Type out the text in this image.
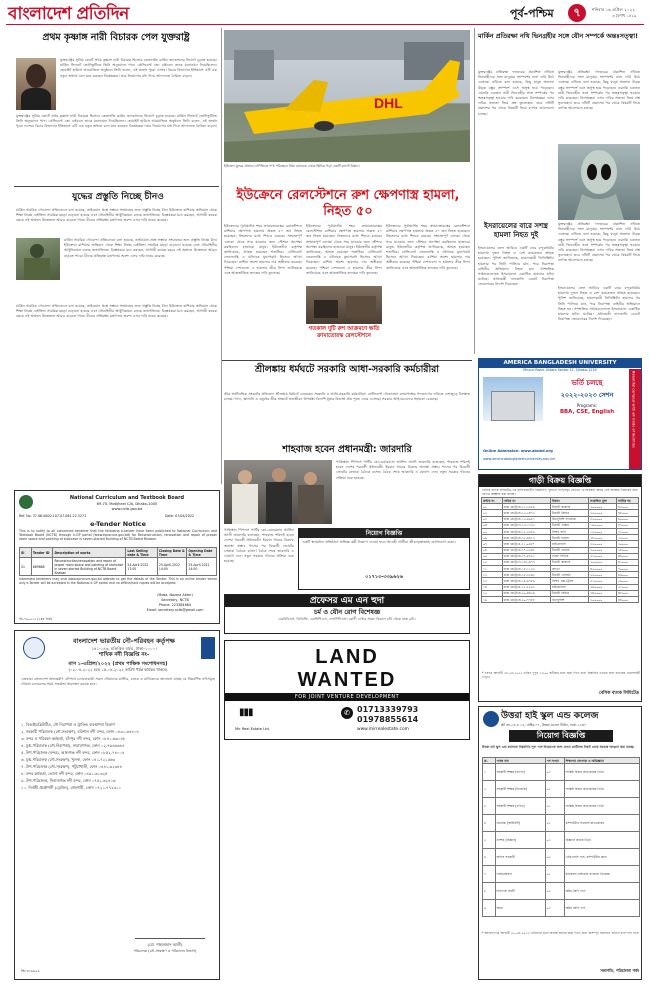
বাংলাদেশ প্রতিদিন	পূর্ব-পশ্চিম	৭	শনিবার ১৬ এপ্রিল ২০২২
৩ বৈশাখ ১৪২৯
প্রথম কৃষ্ণাঙ্গ নারী বিচারক পেল যুক্তরাষ্ট্র
যুক্তরাষ্ট্রের সুপ্রিম কোর্টে প্রথম কৃষ্ণাঙ্গ নারী বিচারক হিসেবে কেতানজি ব্রাউন জ্যাকসনের নিয়োগ চূড়ান্ত হয়েছে। মার্কিন সিনেটে ভোটাভুটিতে তিনি অনুমোদন পান। প্রেসিডেন্ট জো বাইডেন তাকে মনোনয়ন দিয়েছিলেন। হোয়াইট হাউসে আয়োজিত অনুষ্ঠানে তিনি বলেন, এই অর্জন পুরো দেশের। বিচার বিভাগের ইতিহাসে এটি এক নতুন অধ্যায় বলে মনে করছেন বিশ্লেষকরা। তার নিয়োগের মধ্য দিয়ে আদালতে বৈচিত্র্য বাড়ল।
যুক্তরাষ্ট্রের সুপ্রিম কোর্টে প্রথম কৃষ্ণাঙ্গ নারী বিচারক হিসেবে কেতানজি ব্রাউন জ্যাকসনের নিয়োগ চূড়ান্ত হয়েছে। মার্কিন সিনেটে ভোটাভুটিতে তিনি অনুমোদন পান। প্রেসিডেন্ট জো বাইডেন তাকে মনোনয়ন দিয়েছিলেন। হোয়াইট হাউসে আয়োজিত অনুষ্ঠানে তিনি বলেন, এই অর্জন পুরো দেশের। বিচার বিভাগের ইতিহাসে এটি এক নতুন অধ্যায় বলে মনে করছেন বিশ্লেষকরা। তার নিয়োগের মধ্য দিয়ে আদালতে বৈচিত্র্য বাড়ল।
যুদ্ধের প্রস্তুতি নিচ্ছে চীনও
মার্কিন সামরিক গোয়েন্দা প্রতিবেদনে বলা হয়েছে, তাইওয়ান প্রশ্নে সম্ভাব্য সংঘাতের জন্য প্রস্তুতি নিচ্ছে চীন। ইউক্রেনে রাশিয়ার অভিযান থেকে শিক্ষা নিচ্ছে বেইজিং। সামরিক মহড়া বাড়ানো হয়েছে এবং নৌবাহিনীর আধুনিকায়ন চলছে দ্রুতগতিতে। বিশ্লেষকরা মনে করছেন, আগামী কয়েক বছরে এই অঞ্চলে উত্তেজনা আরও বাড়তে পারে। চীনের প্রতিরক্ষা মন্ত্রণালয় অবশ্য এসব দাবি নাকচ করেছে।
মার্কিন সামরিক গোয়েন্দা প্রতিবেদনে বলা হয়েছে, তাইওয়ান প্রশ্নে সম্ভাব্য সংঘাতের জন্য প্রস্তুতি নিচ্ছে চীন। ইউক্রেনে রাশিয়ার অভিযান থেকে শিক্ষা নিচ্ছে বেইজিং। সামরিক মহড়া বাড়ানো হয়েছে এবং নৌবাহিনীর আধুনিকায়ন চলছে দ্রুতগতিতে। বিশ্লেষকরা মনে করছেন, আগামী কয়েক বছরে এই অঞ্চলে উত্তেজনা আরও বাড়তে পারে। চীনের প্রতিরক্ষা মন্ত্রণালয় অবশ্য এসব দাবি নাকচ করেছে।
মার্কিন সামরিক গোয়েন্দা প্রতিবেদনে বলা হয়েছে, তাইওয়ান প্রশ্নে সম্ভাব্য সংঘাতের জন্য প্রস্তুতি নিচ্ছে চীন। ইউক্রেনে রাশিয়ার অভিযান থেকে শিক্ষা নিচ্ছে বেইজিং। সামরিক মহড়া বাড়ানো হয়েছে এবং নৌবাহিনীর আধুনিকায়ন চলছে দ্রুতগতিতে। বিশ্লেষকরা মনে করছেন, আগামী কয়েক বছরে এই অঞ্চলে উত্তেজনা আরও বাড়তে পারে। চীনের প্রতিরক্ষা মন্ত্রণালয় অবশ্য এসব দাবি নাকচ করেছে।
DHL
ইউক্রেন যুদ্ধের প্রভাবে বাণিজ্যিক পণ্য পরিবহনে বিঘ্ন। রানওয়ে থেকে ছিটকে পড়া একটি কার্গো বিমান।
মার্কিন প্রতিরক্ষা নথি ভিনগ্রহীর সঙ্গে যৌন সম্পর্কে অন্তঃসত্ত্বা!
যুক্তরাষ্ট্রের প্রতিরক্ষা দফতরের প্রকাশিত নথিতে ভিনগ্রহীদের সঙ্গে মানুষের সংস্পর্শের নানা দাবি উঠে এসেছে। নথিতে বলা হয়েছে, কিছু মানুষ অজানা উড়ন্ত বস্তুর সংস্পর্শে এসে অসুস্থ হয়ে পড়েছেন। এমনকি একজন নারী ভিনগ্রহীর সঙ্গে সম্পর্কের পর অন্তঃসত্ত্বা হওয়ার দাবি করেছেন। বিশেষজ্ঞরা এসব দাবির সত্যতা নিয়ে প্রশ্ন তুলেছেন। তবে নথিটি প্রকাশের পর থেকে বিষয়টি নিয়ে ব্যাপক আলোচনা চলছে।
যুক্তরাষ্ট্রের প্রতিরক্ষা দফতরের প্রকাশিত নথিতে ভিনগ্রহীদের সঙ্গে মানুষের সংস্পর্শের নানা দাবি উঠে এসেছে। নথিতে বলা হয়েছে, কিছু মানুষ অজানা উড়ন্ত বস্তুর সংস্পর্শে এসে অসুস্থ হয়ে পড়েছেন। এমনকি একজন নারী ভিনগ্রহীর সঙ্গে সম্পর্কের পর অন্তঃসত্ত্বা হওয়ার দাবি করেছেন। বিশেষজ্ঞরা এসব দাবির সত্যতা নিয়ে প্রশ্ন তুলেছেন। তবে নথিটি প্রকাশের পর থেকে বিষয়টি নিয়ে ব্যাপক আলোচনা চলছে।
যুক্তরাষ্ট্রের প্রতিরক্ষা দফতরের প্রকাশিত নথিতে ভিনগ্রহীদের সঙ্গে মানুষের সংস্পর্শের নানা দাবি উঠে এসেছে। নথিতে বলা হয়েছে, কিছু মানুষ অজানা উড়ন্ত বস্তুর সংস্পর্শে এসে অসুস্থ হয়ে পড়েছেন। এমনকি একজন নারী ভিনগ্রহীর সঙ্গে সম্পর্কের পর অন্তঃসত্ত্বা হওয়ার দাবি করেছেন। বিশেষজ্ঞরা এসব দাবির সত্যতা নিয়ে প্রশ্ন তুলেছেন। তবে নথিটি প্রকাশের পর থেকে বিষয়টি নিয়ে ব্যাপক আলোচনা চলছে।
ইসরায়েলের বারে সশস্ত্র হামলা নিহত দুই
ইসরায়েলের তেল আবিবে একটি বারে বন্দুকধারীর হামলায় দুজন নিহত ও বেশ কয়েকজন আহত হয়েছেন। পুলিশ জানিয়েছে, হামলাকারী ফিলিস্তিনি। হামলার পর তিনি পালিয়ে যান, পরে নিরাপত্তা বাহিনীর অভিযানে নিহত হন। সাম্প্রতিক সপ্তাহগুলোতে ইসরায়েলে একাধিক হামলার ঘটনা ঘটেছে। প্রধানমন্ত্রী নাফতালি বেনেট নিরাপত্তা জোরদারের নির্দেশ দিয়েছেন।
ইসরায়েলের তেল আবিবে একটি বারে বন্দুকধারীর হামলায় দুজন নিহত ও বেশ কয়েকজন আহত হয়েছেন। পুলিশ জানিয়েছে, হামলাকারী ফিলিস্তিনি। হামলার পর তিনি পালিয়ে যান, পরে নিরাপত্তা বাহিনীর অভিযানে নিহত হন। সাম্প্রতিক সপ্তাহগুলোতে ইসরায়েলে একাধিক হামলার ঘটনা ঘটেছে। প্রধানমন্ত্রী নাফতালি বেনেট নিরাপত্তা জোরদারের নির্দেশ দিয়েছেন।
ইউক্রেনে রেলস্টেশনে রুশ ক্ষেপণাস্ত্র হামলা, নিহত ৫০
ইউক্রেনের পূর্বাঞ্চলীয় শহর ক্রামাতোরস্কের রেলস্টেশনে রাশিয়ার ক্ষেপণাস্ত্র হামলায় অন্তত ৫০ জন নিহত হয়েছেন। নিহতদের মধ্যে শিশুও রয়েছে। সংঘাতপূর্ণ এলাকা থেকে সরে যাওয়ার জন্য স্টেশনে অপেক্ষা করছিলেন হাজারো মানুষ। ইউক্রেনীয় কর্তৃপক্ষ জানিয়েছে, আহত হয়েছেন শতাধিক। প্রেসিডেন্ট জেলেনস্কি এ ঘটনাকে যুদ্ধাপরাধ হিসেবে আখ্যা দিয়েছেন। রাশিয়া অবশ্য হামলার দায় অস্বীকার করেছে। পশ্চিমা দেশগুলো এ হামলার তীব্র নিন্দা জানিয়েছে এবং আন্তর্জাতিক তদন্তের দাবি তুলেছে।
ইউক্রেনের পূর্বাঞ্চলীয় শহর ক্রামাতোরস্কের রেলস্টেশনে রাশিয়ার ক্ষেপণাস্ত্র হামলায় অন্তত ৫০ জন নিহত হয়েছেন। নিহতদের মধ্যে শিশুও রয়েছে। সংঘাতপূর্ণ এলাকা থেকে সরে যাওয়ার জন্য স্টেশনে অপেক্ষা করছিলেন হাজারো মানুষ। ইউক্রেনীয় কর্তৃপক্ষ জানিয়েছে, আহত হয়েছেন শতাধিক। প্রেসিডেন্ট জেলেনস্কি এ ঘটনাকে যুদ্ধাপরাধ হিসেবে আখ্যা দিয়েছেন। রাশিয়া অবশ্য হামলার দায় অস্বীকার করেছে। পশ্চিমা দেশগুলো এ হামলার তীব্র নিন্দা জানিয়েছে এবং আন্তর্জাতিক তদন্তের দাবি তুলেছে।
গতকাল দুটি রুশ আক্রমণে ক্ষতি ক্রামাতোরস্ক রেলস্টেশনে
ইউক্রেনের পূর্বাঞ্চলীয় শহর ক্রামাতোরস্কের রেলস্টেশনে রাশিয়ার ক্ষেপণাস্ত্র হামলায় অন্তত ৫০ জন নিহত হয়েছেন। নিহতদের মধ্যে শিশুও রয়েছে। সংঘাতপূর্ণ এলাকা থেকে সরে যাওয়ার জন্য স্টেশনে অপেক্ষা করছিলেন হাজারো মানুষ। ইউক্রেনীয় কর্তৃপক্ষ জানিয়েছে, আহত হয়েছেন শতাধিক। প্রেসিডেন্ট জেলেনস্কি এ ঘটনাকে যুদ্ধাপরাধ হিসেবে আখ্যা দিয়েছেন। রাশিয়া অবশ্য হামলার দায় অস্বীকার করেছে। পশ্চিমা দেশগুলো এ হামলার তীব্র নিন্দা জানিয়েছে এবং আন্তর্জাতিক তদন্তের দাবি তুলেছে।
শ্রীলঙ্কায় ধর্মঘটে সরকারি আধা-সরকারি কর্মচারীরা
তীব্র অর্থনৈতিক সংকটের প্রতিবাদে শ্রীলঙ্কায় ধর্মঘটে নেমেছেন সরকারি ও আধা-সরকারি কর্মচারীরা। প্রেসিডেন্ট গোতাবায়া রাজাপক্ষের পদত্যাগের দাবিতে দেশজুড়ে বিক্ষোভ চলছে। খাদ্য, জ্বালানি ও ওষুধের তীব্র সংকটে জনজীবন বিপর্যস্ত। বিদেশি মুদ্রার রিজার্ভ প্রায় শূন্যে নেমে এসেছে। সরকার আইএমএফের সহায়তা চেয়েছে।
শাহবাজ হবেন প্রধানমন্ত্রী: জারদারি
পাকিস্তান পিপলস পার্টির কো-চেয়ারম্যান আসিফ আলী জারদারি বলেছেন, শাহবাজ শরিফই হবেন দেশের পরবর্তী প্রধানমন্ত্রী। ইমরান খানের বিরুদ্ধে অনাস্থা প্রস্তাব পাসের পর বিরোধী জোটের নেতারা বৈঠকে বসেন। বৈঠক শেষে জারদারি এ ঘোষণা দেন। নতুন সরকার গঠনের প্রক্রিয়া শুরু হয়েছে।
পাকিস্তান পিপলস পার্টির কো-চেয়ারম্যান আসিফ আলী জারদারি বলেছেন, শাহবাজ শরিফই হবেন দেশের পরবর্তী প্রধানমন্ত্রী। ইমরান খানের বিরুদ্ধে অনাস্থা প্রস্তাব পাসের পর বিরোধী জোটের নেতারা বৈঠকে বসেন। বৈঠক শেষে জারদারি এ ঘোষণা দেন। নতুন সরকার গঠনের প্রক্রিয়া শুরু হয়েছে।
নিয়োগ বিজ্ঞপ্তি
একটি স্বনামধন্য প্রতিষ্ঠানে অভিজ্ঞ কর্মী নিয়োগ দেওয়া হবে। আগ্রহী প্রার্থীরা জীবনবৃত্তান্তসহ যোগাযোগ করুন।
০১৭১৩-৩৩৯৬২৬
প্রফেসর এম এন হুদা
চর্ম ও যৌন রোগ বিশেষজ্ঞ
এমবিবিএস, ডিডিভি, এমসিপিএস, এফসিপিএস। রোগী দেখার সময়: বিকাল ৪টা থেকে রাত ৯টা।
LAND
WANTED
FOR JOINT VENTURE DEVELOPMENT
▮▮▮
Mir Real Estate Ltd.
✆ 01713339793
01978855614
www.mirrealestate.com
National Curriculum and Textbook Board
69-70, Motijheel C/A, Dhaka-1000
www.nctb.gov.bd
Ref. No. 37.06.0000.107.07.061.22.3271	Date: 07/04/2022
e-Tender Notice
This is to notify to all concerned tenderer that the following e-tender have been published to National Curriculum and Textbook Board (NCTB) through e-GP portal (www.eprocure.gov.bd) for Reconstruction, renovation and repair of proper room space and painting of staircase in seven-storied Building of NCTB Board Bhaban.
SI	Tender ID	Description of works	Last Selling date & Time	Closing Date & Time	Opening Date & Time
01	689888	Reconstruction/renovation and repair of proper room space and painting of staircase in seven-storied Building of NCTB Board Bhaban	24-April-2022 17:00	25-April-2022 14:00	25-April-2022 14:00
Interested tenderers may visit www.eprocure.gov.bd website to get the details of the Tender. This is an online tender where only e-Tender will be accepted in the National e-GP portal and no offline/hard copies will be accepted.
(Mosa. Nazma Akter)
Secretary, NCTB
Phone: 223384664
Email: secretary.nctb@gmail.com
জি-৭৯০৫১৫ (২x৪ ইঞ্চি)
বাংলাদেশ ভারতীয় নৌ-পরিবহন কর্তৃপক্ষ
১৪১-১৪৩, মতিঝিল বা/এ, ঢাকা-১০০০।
শাখিক নদী বিজ্ঞপ্তি নং-
মাস ১-এপ্রিল/২০২২ (প্রথম পাক্ষিক সংশোধনসহ)
(০২-০৪-২০২২ হতে ১৫-০৪-২০২২ তারিখ পর্যন্ত কার্যকর থাকবে)
এতদ্বারা বাংলাদেশ অভ্যন্তরীণ নৌপথে চলাচলকারী সকল নৌযানের মাস্টার, চালক ও মালিকদের জানানো যাচ্ছে যে নিম্নবর্ণিত নদীসমূহে নৌযান চলাচলের সময় সতর্কতা অবলম্বন করতে হবে।
১. বিআইডব্লিউটিএ, নৌ নিরাপত্তা ও ট্রাফিক ব্যবস্থাপনা বিভাগ
২. সহকারী পরিচালক (নৌ-সংরক্ষণ), বরিশাল নদী বন্দর, ফোন ০৪৩১-৬৪৪০৪
৩. বন্দর ও পরিবহন কর্মকর্তা, চাঁদপুর নদী বন্দর, ফোন ০৮৪১-৬৩০৪৮
৪. যুগ্ম-পরিচালক (নৌ-নিরাপত্তা), নারায়ণগঞ্জ, ফোন ০২-৭৬৪৬৬৪৪
৫. উপ-পরিচালক (বন্দর), আশুগঞ্জ নদী বন্দর, ফোন ০৮৫২-৭৪০০৪
৬. যুগ্ম-পরিচালক (নৌ-সংরক্ষণ), খুলনা, ফোন ০৪১-৭২১৫৬৩
৭. উপ-পরিচালক (নৌ-সংরক্ষণ), পটুয়াখালী, ফোন ০৪৪১-৬২৩৪৪
৮. বন্দর কর্মকর্তা, ভোলা নদী বন্দর, ফোন ০৪৯১-৬১৩২৫
৯. উপ-পরিচালক, সিরাজগঞ্জ নদী বন্দর, ফোন ০৭৫১-৬২৪১৬
১০. নির্বাহী প্রকৌশলী (ড্রেজিং), রাজশাহী, ফোন ০৭২১-৭৭২৩১১
(মো. শাহজাহান আলী)
পরিচালক (নৌ-সংরক্ষণ ও পরিচালন বিভাগ)
জি-৭৮৯৬২৬
AMERICA BANGLADESH UNIVERSITY
Mirpur Road, Uttara Sector-11, Dhaka-1230
ভর্তি চলছে
২০২২-২০২৩ সেশন
Programs:
BBA, CSE, English	Beautiful campus with all kinds of facilities
Online Admission: www.abubd.org
www.americabangladeshuniversity.edu.bd
গাড়ী বিক্রয় বিজ্ঞপ্তি
বেসিক ব্যাংক লিমিটেড-এর মালিকানাধীন নিম্নবর্ণিত পুরাতন গাড়িসমূহ যেখানে যে অবস্থায় আছে সেই অবস্থায় বিক্রয়ের জন্য দরপত্র আহ্বান করা যাচ্ছে।
ক্রমিক নং	গাড়ির নং	বিবরণ	সংরক্ষিত মূল্য	সর্বনিম্ন দর
০১	ঢাকা মেট্রো-ঘ-১১-২৩৮৬	টয়োটা করোলা	২০০০০০	৪৫০০০
০২	ঢাকা মেট্রো-ঘ-১৩-৫৪৭২	টয়োটা প্রিমিও	২২০০০০	৪৮০০০
০৩	ঢাকা মেট্রো-ঘ-১৩-৬৯৮১	মিতসুবিশি পাজেরো	৩৫০০০০	৬০০০০
০৪	ঢাকা মেট্রো-গ-১৩-১৭৫২	টয়োটা এক্সিও	১৯০০০০	৪২০০০
০৫	ঢাকা মেট্রো-ঘ-১৫-৩৩৮৯	নিশান সানি	১৫০০০০	৩৫০০০
০৬	ঢাকা মেট্রো-ঘ-১৫-৪৪১২	টয়োটা হায়েস	২৮০০০০	৫৫০০০
০৭	ঢাকা মেট্রো-চ-১১-০৯৮৭	মাইক্রোবাস	২৫০০০০	৫০০০০
০৮	ঢাকা মেট্রো-ঘ-১৭-২২৪৫	টয়োটা নোয়াহ	৩০০০০০	৫৮০০০
০৯	ঢাকা মেট্রো-ঘ-১৭-৮৮৯১	হোন্ডা সিভিক	২১০০০০	৪৬০০০
১০	ঢাকা মেট্রো-গ-১৪-৫৬৭৭	টয়োটা করোলা	২০৫০০০	৪৫০০০
১১	ঢাকা মেট্রো-ঘ-১৮-১১২৩	প্রাডো	৪৫০০০০	৭০০০০
১২	ঢাকা মেট্রো-ঘ-১৮-৩৩৪৫	টয়োটা এলিয়ন	২৩০০০০	৪৯০০০
১৩	ঢাকা মেট্রো-ঘ-১৯-৬৭৮৯	নিশান এক্স-ট্রেইল	৩১০০০০	৫৯০০০
১৪	ঢাকা মেট্রো-চ-১৫-২২৩৩	মাইক্রোবাস	২৬০০০০	৫১০০০
১৫	ঢাকা মেট্রো-ঘ-২০-৪৪৫৬	টয়োটা প্রিমিও	২৪০০০০	৪৮০০০
১৬	ঢাকা মেট্রো-ঘ-২০-৭৭৮৮	মিতসুবিশি	২০০০০০	৪৪০০০
* দরপত্র আগামী ২৮-০৪-২০২২ তারিখ দুপুর ১২:০০ ঘটিকার মধ্যে জমা দিতে হবে। বিস্তারিত তথ্যের জন্য ব্যাংকের ওয়েবসাইট দেখুন।
বেসিক ব্যাংক লিমিটেড
উত্তরা হাই স্কুল এন্ড কলেজ
প্লট নং-১৩ ও ১৫, সেক্টর-০৭, উত্তরা মডেল টাউন, ঢাকা-১২৩০
নিয়োগ বিজ্ঞপ্তি
উত্তরা হাই স্কুল এন্ড কলেজে নিম্নবর্ণিত শূন্য পদে নিয়োগের জন্য যোগ্য প্রার্থীদের নিকট থেকে দরখাস্ত আহ্বান করা যাচ্ছে।
ক্র.	পদের নাম	পদ সংখ্যা	শিক্ষাগত যোগ্যতা ও অভিজ্ঞতা
১	সহকারী শিক্ষক (বাংলা)	০১	সংশ্লিষ্ট বিষয়ে স্নাতকোত্তর ডিগ্রি
২	সহকারী শিক্ষক (ইংরেজি)	০১	সংশ্লিষ্ট বিষয়ে স্নাতকোত্তর ডিগ্রি
৩	সহকারী শিক্ষক (গণিত)	০১	সংশ্লিষ্ট বিষয়ে স্নাতকোত্তর ডিগ্রি
৪	প্রভাষক (আইসিটি)	০১	কম্পিউটার সায়েন্সে স্নাতকোত্তর
৫	প্রদর্শক (বিজ্ঞান)	০১	বিজ্ঞানে স্নাতক ডিগ্রি
৬	অফিস সহকারী	০২	এইচএসসি পাস, কম্পিউটার জ্ঞান
৭	লাইব্রেরিয়ান	০১	স্নাতকসহ লাইব্রেরি সায়েন্সে ডিপ্লোমা
৮	নিরাপত্তা প্রহরী	০২	অষ্টম শ্রেণি পাস
৯	আয়া	০১	অষ্টম শ্রেণি পাস
* আবেদনপত্র আগামী ৩০-০৪-২০২২ তারিখের মধ্যে অধ্যক্ষ বরাবর জমা দিতে হবে। অসম্পূর্ণ আবেদন বাতিল বলে গণ্য হবে।
সভাপতি, পরিচালনা পর্ষদ
